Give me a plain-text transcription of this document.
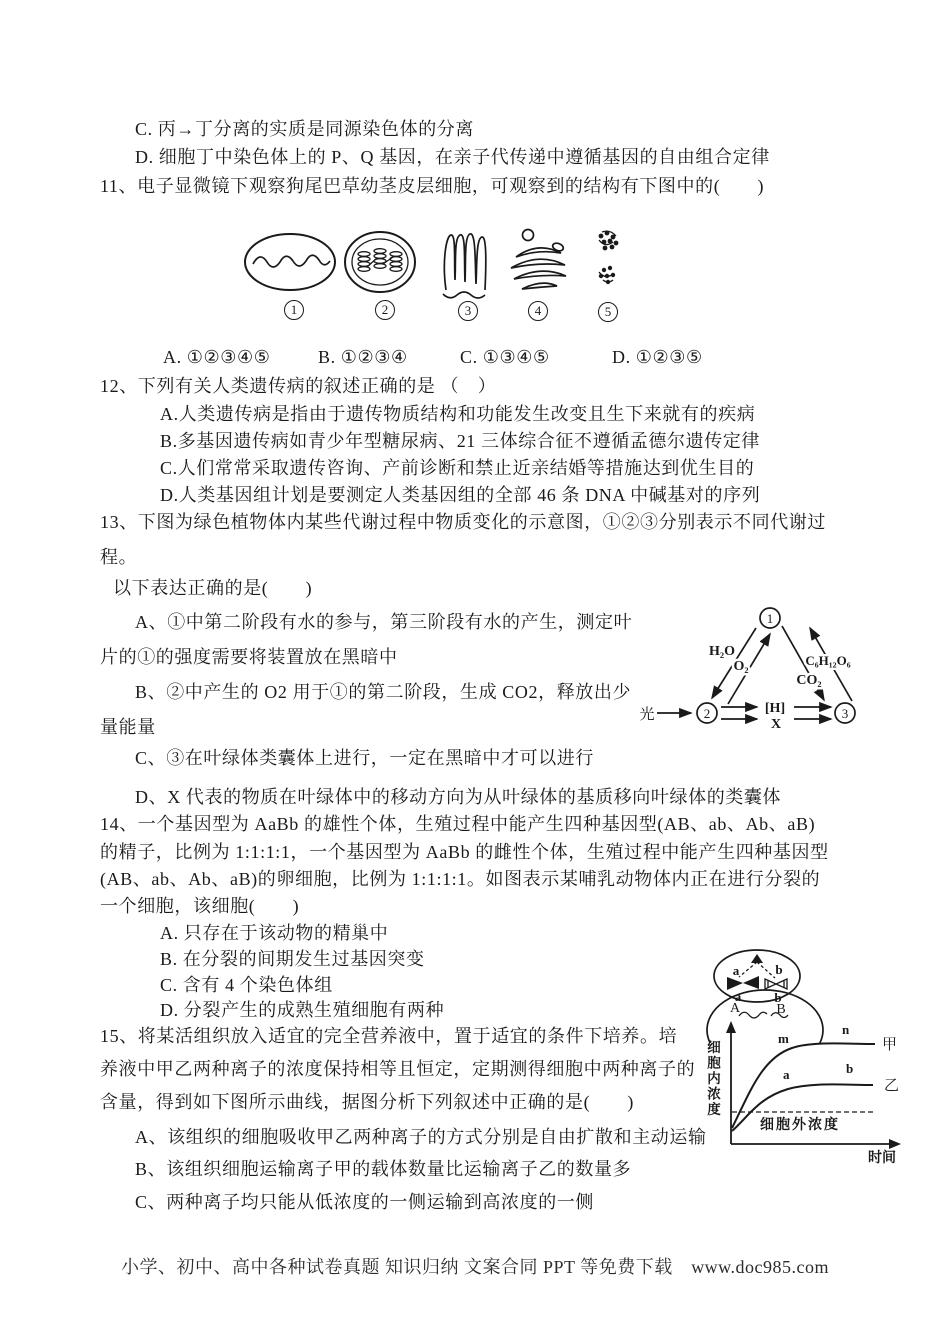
C. 丙→丁分离的实质是同源染色体的分离
D. 细胞丁中染色体上的 P、Q 基因，在亲子代传递中遵循基因的自由组合定律
11、电子显微镜下观察狗尾巴草幼茎皮层细胞，可观察到的结构有下图中的(　　)
1	2	3	4	5
A. ①②③④⑤	B. ①②③④	C. ①③④⑤	D. ①②③⑤
12、下列有关人类遗传病的叙述正确的是 （　）
A.人类遗传病是指由于遗传物质结构和功能发生改变且生下来就有的疾病
B.多基因遗传病如青少年型糖尿病、21 三体综合征不遵循孟德尔遗传定律
C.人们常常采取遗传咨询、产前诊断和禁止近亲结婚等措施达到优生目的
D.人类基因组计划是要测定人类基因组的全部 46 条 DNA 中碱基对的序列
13、下图为绿色植物体内某些代谢过程中物质变化的示意图，①②③分别表示不同代谢过
程。
以下表达正确的是(　　)
A、①中第二阶段有水的参与，第三阶段有水的产生，测定叶
片的①的强度需要将装置放在黑暗中
B、②中产生的 O2 用于①的第二阶段，生成 CO2，释放出少
量能量
C、③在叶绿体类囊体上进行，一定在黑暗中才可以进行
D、X 代表的物质在叶绿体中的移动方向为从叶绿体的基质移向叶绿体的类囊体
1
2	3
H₂O
O₂	C₆H₁₂O₆
CO₂
[H]
X
光
14、一个基因型为 AaBb 的雄性个体，生殖过程中能产生四种基因型(AB、ab、Ab、aB)
的精子，比例为 1:1:1:1，一个基因型为 AaBb 的雌性个体，生殖过程中能产生四种基因型
(AB、ab、Ab、aB)的卵细胞，比例为 1:1:1:1。如图表示某哺乳动物体内正在进行分裂的
一个细胞，该细胞(　　)
A. 只存在于该动物的精巢中
B. 在分裂的间期发生过基因突变
C. 含有 4 个染色体组
D. 分裂产生的成熟生殖细胞有两种
a	b
a	b
A	B
15、将某活组织放入适宜的完全营养液中，置于适宜的条件下培养。培
养液中甲乙两种离子的浓度保持相等且恒定，定期测得细胞中两种离子的
含量，得到如下图所示曲线，据图分析下列叙述中正确的是(　　)
A、该组织的细胞吸收甲乙两种离子的方式分别是自由扩散和主动运输
B、该组织细胞运输离子甲的载体数量比运输离子乙的数量多
C、两种离子均只能从低浓度的一侧运输到高浓度的一侧
甲
乙
m
n
a	b
细胞外浓度
时间
细胞内浓度
小学、初中、高中各种试卷真题 知识归纳 文案合同 PPT 等免费下载　www.doc985.com
